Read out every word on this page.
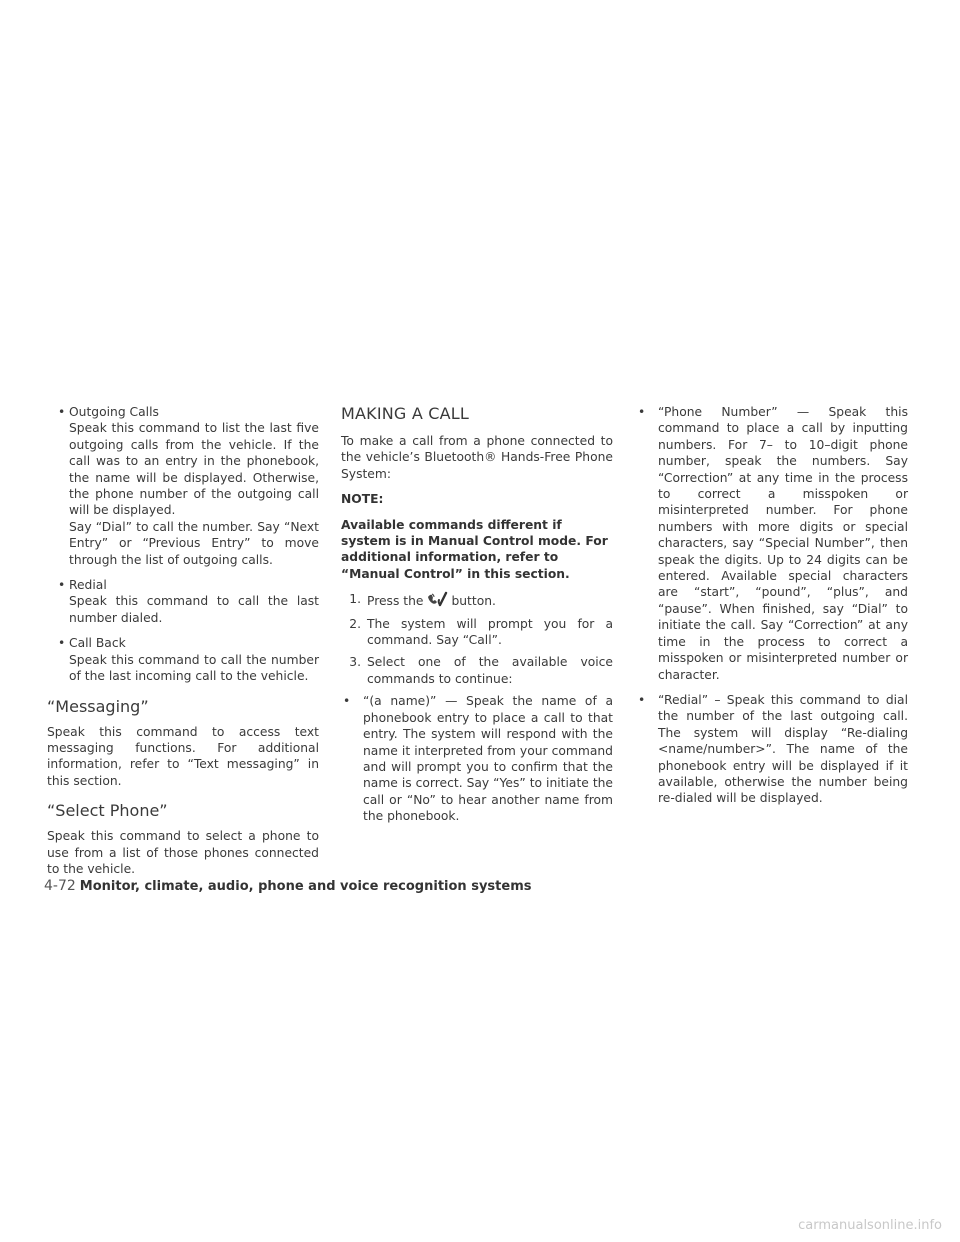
• Outgoing Calls
Speak this command to list the last five outgoing calls from the vehicle. If the call was to an entry in the phonebook, the name will be displayed. Otherwise, the phone number of the outgoing call will be displayed.
Say “Dial” to call the number. Say “Next Entry” or “Previous Entry” to move through the list of outgoing calls.
• Redial
Speak this command to call the last number dialed.
• Call Back
Speak this command to call the number of the last incoming call to the vehicle.
“Messaging”
Speak this command to access text messaging functions. For additional information, refer to “Text messaging” in this section.
“Select Phone”
Speak this command to select a phone to use from a list of those phones connected to the vehicle.
MAKING A CALL
To make a call from a phone connected to the vehicle’s Bluetooth® Hands-Free Phone System:
NOTE:
Available commands different if system is in Manual Control mode. For additional information, refer to “Manual Control” in this section.
1. Press the button.
2. The system will prompt you for a command. Say “Call”.
3. Select one of the available voice commands to continue:
• “(a name)” — Speak the name of a phonebook entry to place a call to that entry. The system will respond with the name it interpreted from your command and will prompt you to confirm that the name is correct. Say “Yes” to initiate the call or “No” to hear another name from the phonebook.
• “Phone Number” — Speak this command to place a call by inputting numbers. For 7– to 10–digit phone number, speak the numbers. Say “Correction” at any time in the process to correct a misspoken or misinterpreted number. For phone numbers with more digits or special characters, say “Special Number”, then speak the digits. Up to 24 digits can be entered. Available special characters are “start”, “pound”, “plus”, and “pause”. When finished, say “Dial” to initiate the call. Say “Correction” at any time in the process to correct a misspoken or misinterpreted number or character.
• “Redial” – Speak this command to dial the number of the last outgoing call. The system will display “Re-dialing <name/number>”. The name of the phonebook entry will be displayed if it available, otherwise the number being re-dialed will be displayed.
4-72 Monitor, climate, audio, phone and voice recognition systems
carmanualsonline.info
